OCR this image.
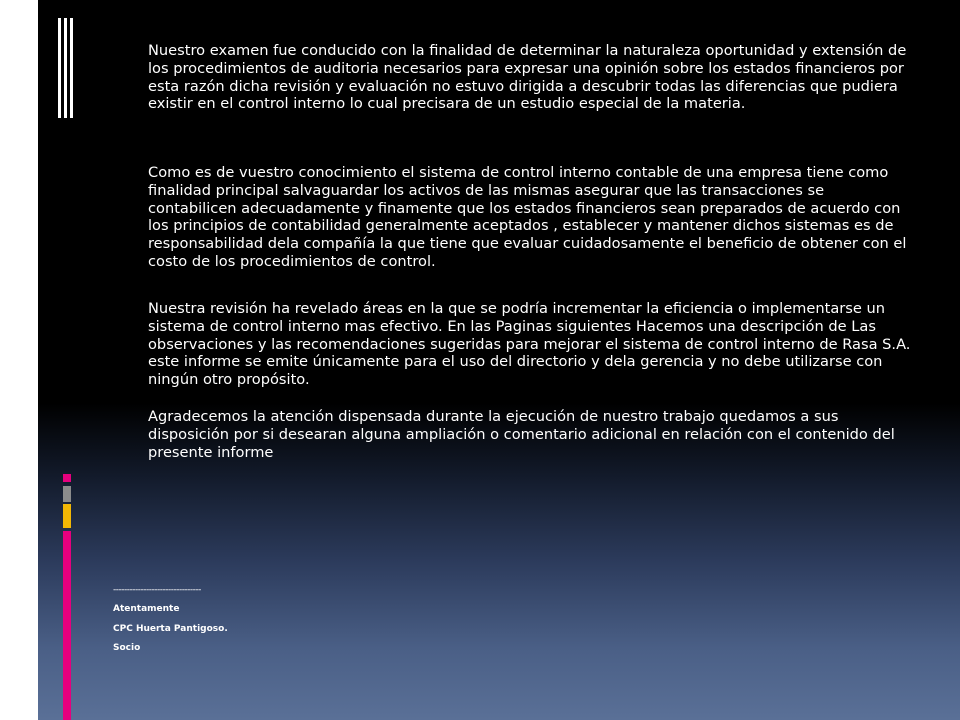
Nuestro examen fue conducido con la finalidad de determinar la naturaleza oportunidad y extensión de los procedimientos de auditoria necesarios para expresar una opinión sobre los estados financieros por esta razón dicha revisión y evaluación no estuvo dirigida a descubrir todas las diferencias que pudiera existir en el control interno lo cual precisara de un estudio especial de la materia.

Como es de vuestro conocimiento el sistema de control interno contable de una empresa tiene como finalidad principal salvaguardar los activos de las mismas asegurar que las transacciones se contabilicen adecuadamente y finamente que los estados financieros sean preparados de acuerdo con los principios de contabilidad generalmente aceptados , establecer y mantener dichos sistemas es de responsabilidad dela compañía la que tiene que evaluar cuidadosamente el beneficio de obtener con el costo de los procedimientos de control.

Nuestra revisión ha revelado áreas en la que se podría incrementar la eficiencia o implementarse un sistema de control interno mas efectivo. En las Paginas siguientes Hacemos una descripción de Las observaciones y las recomendaciones sugeridas para mejorar el sistema de control interno de Rasa S.A. este informe se emite únicamente para el uso del directorio y dela gerencia y no debe utilizarse con ningún otro propósito.

Agradecemos la atención dispensada durante la ejecución de nuestro trabajo quedamos a sus disposición por si desearan alguna ampliación o comentario adicional en relación con el contenido del presente informe

--------------------------------
Atentamente
CPC Huerta Pantigoso.
Socio
